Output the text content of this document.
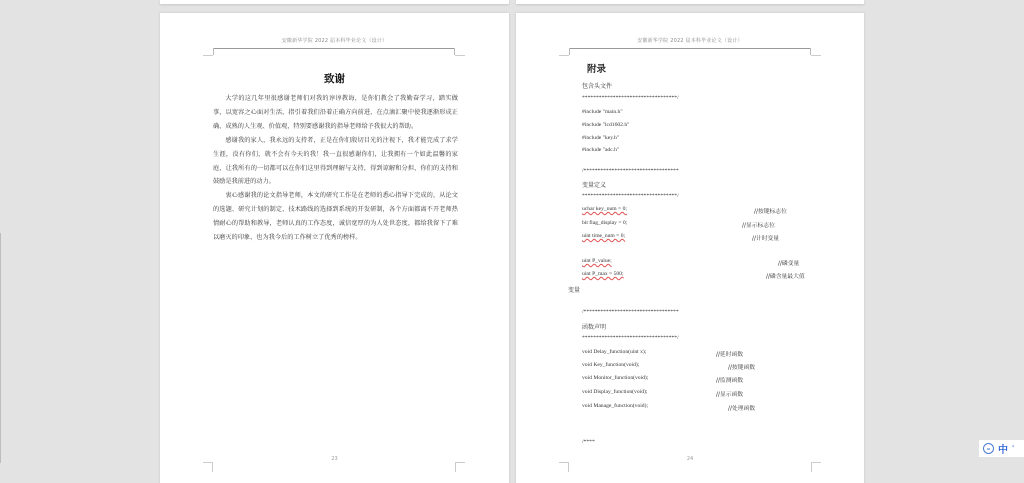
安徽新华学院 2022 届本科毕业论文（设计）
致谢

大学的这几年里很感谢老师们对我的谆谆教诲，是你们教会了我勤奋学习，踏实做事，以宽容之心面对生活，指引着我们沿着正确方向前进，在点滴汇聚中使我逐渐形成正确、成熟的人生观、价值观，特别要感谢我的指导老师给予我很大的帮助。

感谢我的家人，我永远的支持者，正是在你们殷切目光的注视下，我才能完成了求学生涯，没有你们，就不会有今天的我！我一直很感谢你们，让我拥有一个如此温馨的家庭，让我所有的一切都可以在你们这里得到理解与支持，得到谅解和分担，你们的支持和鼓励是我前进的动力。

衷心感谢我的论文指导老师，本文的研究工作是在老师的悉心指导下完成的，从论文的选题、研究计划的制定、技术路线的选择到系统的开发研制，各个方面都离不开老师热情耐心的帮助和教导，老师认真的工作态度，诚信宽厚的为人处世态度，都给我留下了难以磨灭的印象，也为我今后的工作树立了优秀的榜样。

23
安徽新华学院 2022 届本科毕业论文（设计）
附录
包含头文件
**********************************/
#include "main.h"
#include "lcd1602.h"
#include "key.h"
#include "adc.h"
/**********************************
变量定义
**********************************/
uchar key_num = 0;	//按键标志位
bit flag_display = 0;	//显示标志位
uint time_num = 0;	//计时变量
uint P_value;	//磷变量
uint P_max = 500;	//磷含量最大值
变量
/**********************************
函数声明
**********************************/
void Delay_function(uint x);	//延时函数
void Key_function(void);	//按键函数
void Monitor_function(void);	//监测函数
void Display_function(void);	//显示函数
void Manage_function(void);	//处理函数
/****
24
AI 中 '
